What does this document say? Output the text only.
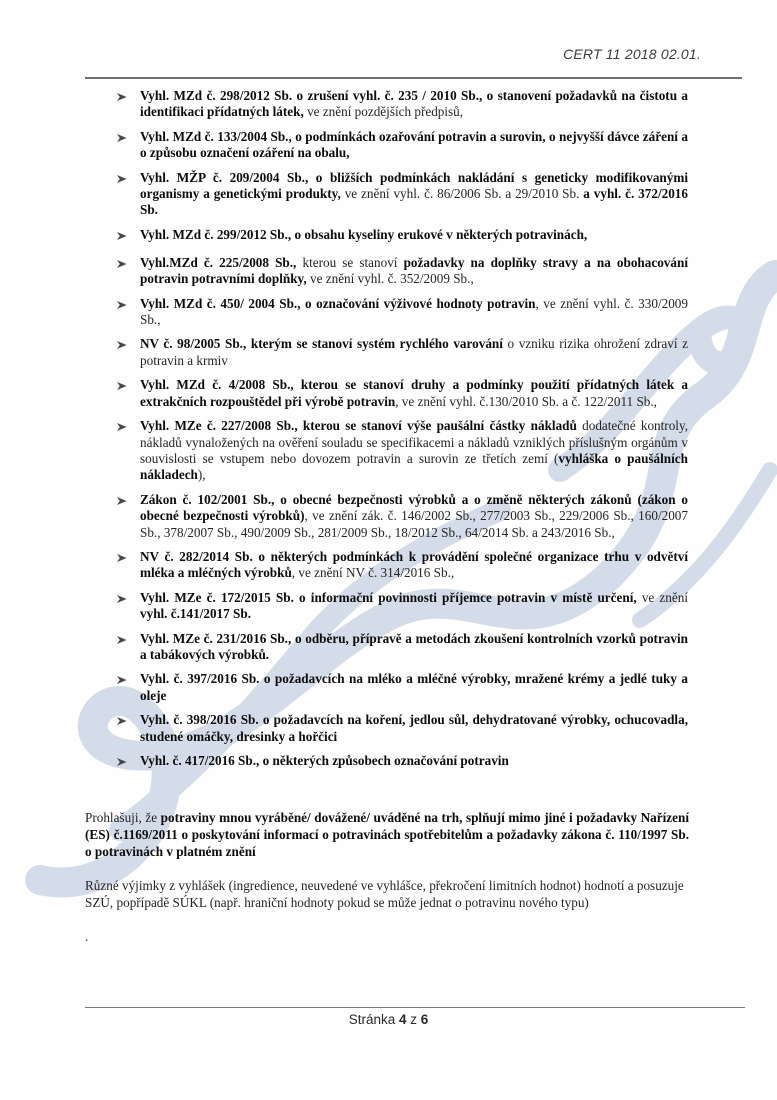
CERT 11 2018 02.01.
Vyhl. MZd č. 298/2012 Sb. o zrušení vyhl. č. 235 / 2010 Sb., o stanovení požadavků na čistotu a identifikaci přídatných látek, ve znění pozdějších předpisů,
Vyhl. MZd č. 133/2004 Sb., o podmínkách ozařování potravin a surovin, o nejvyšší dávce záření a o způsobu označení ozáření na obalu,
Vyhl. MŽP č. 209/2004 Sb., o bližších podmínkách nakládání s geneticky modifikovanými organismy a genetickými produkty, ve znění vyhl. č. 86/2006 Sb. a 29/2010 Sb. a vyhl. č. 372/2016 Sb.
Vyhl. MZd č. 299/2012 Sb., o obsahu kyseliny erukové v některých potravinách,
Vyhl.MZd č. 225/2008 Sb., kterou se stanoví požadavky na doplňky stravy a na obohacování potravin potravními doplňky, ve znění vyhl. č. 352/2009 Sb.,
Vyhl. MZd č. 450/ 2004 Sb., o označování výživové hodnoty potravin, ve znění vyhl. č. 330/2009 Sb.,
NV č. 98/2005 Sb., kterým se stanoví systém rychlého varování o vzniku rizika ohrožení zdraví z potravin a krmiv
Vyhl. MZd č. 4/2008 Sb., kterou se stanoví druhy a podmínky použití přídatných látek a extrakčních rozpouštědel při výrobě potravin, ve znění vyhl. č.130/2010 Sb. a č. 122/2011 Sb.,
Vyhl. MZe č. 227/2008 Sb., kterou se stanoví výše paušální částky nákladů dodatečné kontroly, nákladů vynaložených na ověření souladu se specifikacemi a nákladů vzniklých příslušným orgánům v souvislosti se vstupem nebo dovozem potravin a surovin ze třetích zemí (vyhláška o paušálních nákladech),
Zákon č. 102/2001 Sb., o obecné bezpečnosti výrobků a o změně některých zákonů (zákon o obecné bezpečnosti výrobků), ve znění zák. č. 146/2002 Sb., 277/2003 Sb., 229/2006 Sb., 160/2007 Sb., 378/2007 Sb., 490/2009 Sb., 281/2009 Sb., 18/2012 Sb., 64/2014 Sb. a 243/2016 Sb.,
NV č. 282/2014 Sb. o některých podmínkách k provádění společné organizace trhu v odvětví mléka a mléčných výrobků, ve znění NV č. 314/2016 Sb.,
Vyhl. MZe č. 172/2015 Sb. o informační povinnosti příjemce potravin v místě určení, ve znění vyhl. č.141/2017 Sb.
Vyhl. MZe č. 231/2016 Sb., o odběru, přípravě a metodách zkoušení kontrolních vzorků potravin a tabákových výrobků.
Vyhl. č. 397/2016 Sb. o požadavcích na mléko a mléčné výrobky, mražené krémy a jedlé tuky a oleje
Vyhl. č. 398/2016 Sb. o požadavcích na koření, jedlou sůl, dehydratované výrobky, ochucovadla, studené omáčky, dresinky a hořčici
Vyhl. č. 417/2016 Sb., o některých způsobech označování potravin
Prohlašuji, že potraviny mnou vyráběné/ dovážené/ uváděné na trh, splňují mimo jiné i požadavky Nařízení (ES) č.1169/2011 o poskytování informací o potravinách spotřebitelům a požadavky zákona č. 110/1997 Sb. o potravinách v platném znění
Různé výjimky z vyhlášek (ingredience, neuvedené ve vyhlášce, překročení limitních hodnot) hodnotí a posuzuje SZÚ, popřípadě SÚKL (např. hraniční hodnoty pokud se může jednat o potravinu nového typu)
.
Stránka 4 z 6
